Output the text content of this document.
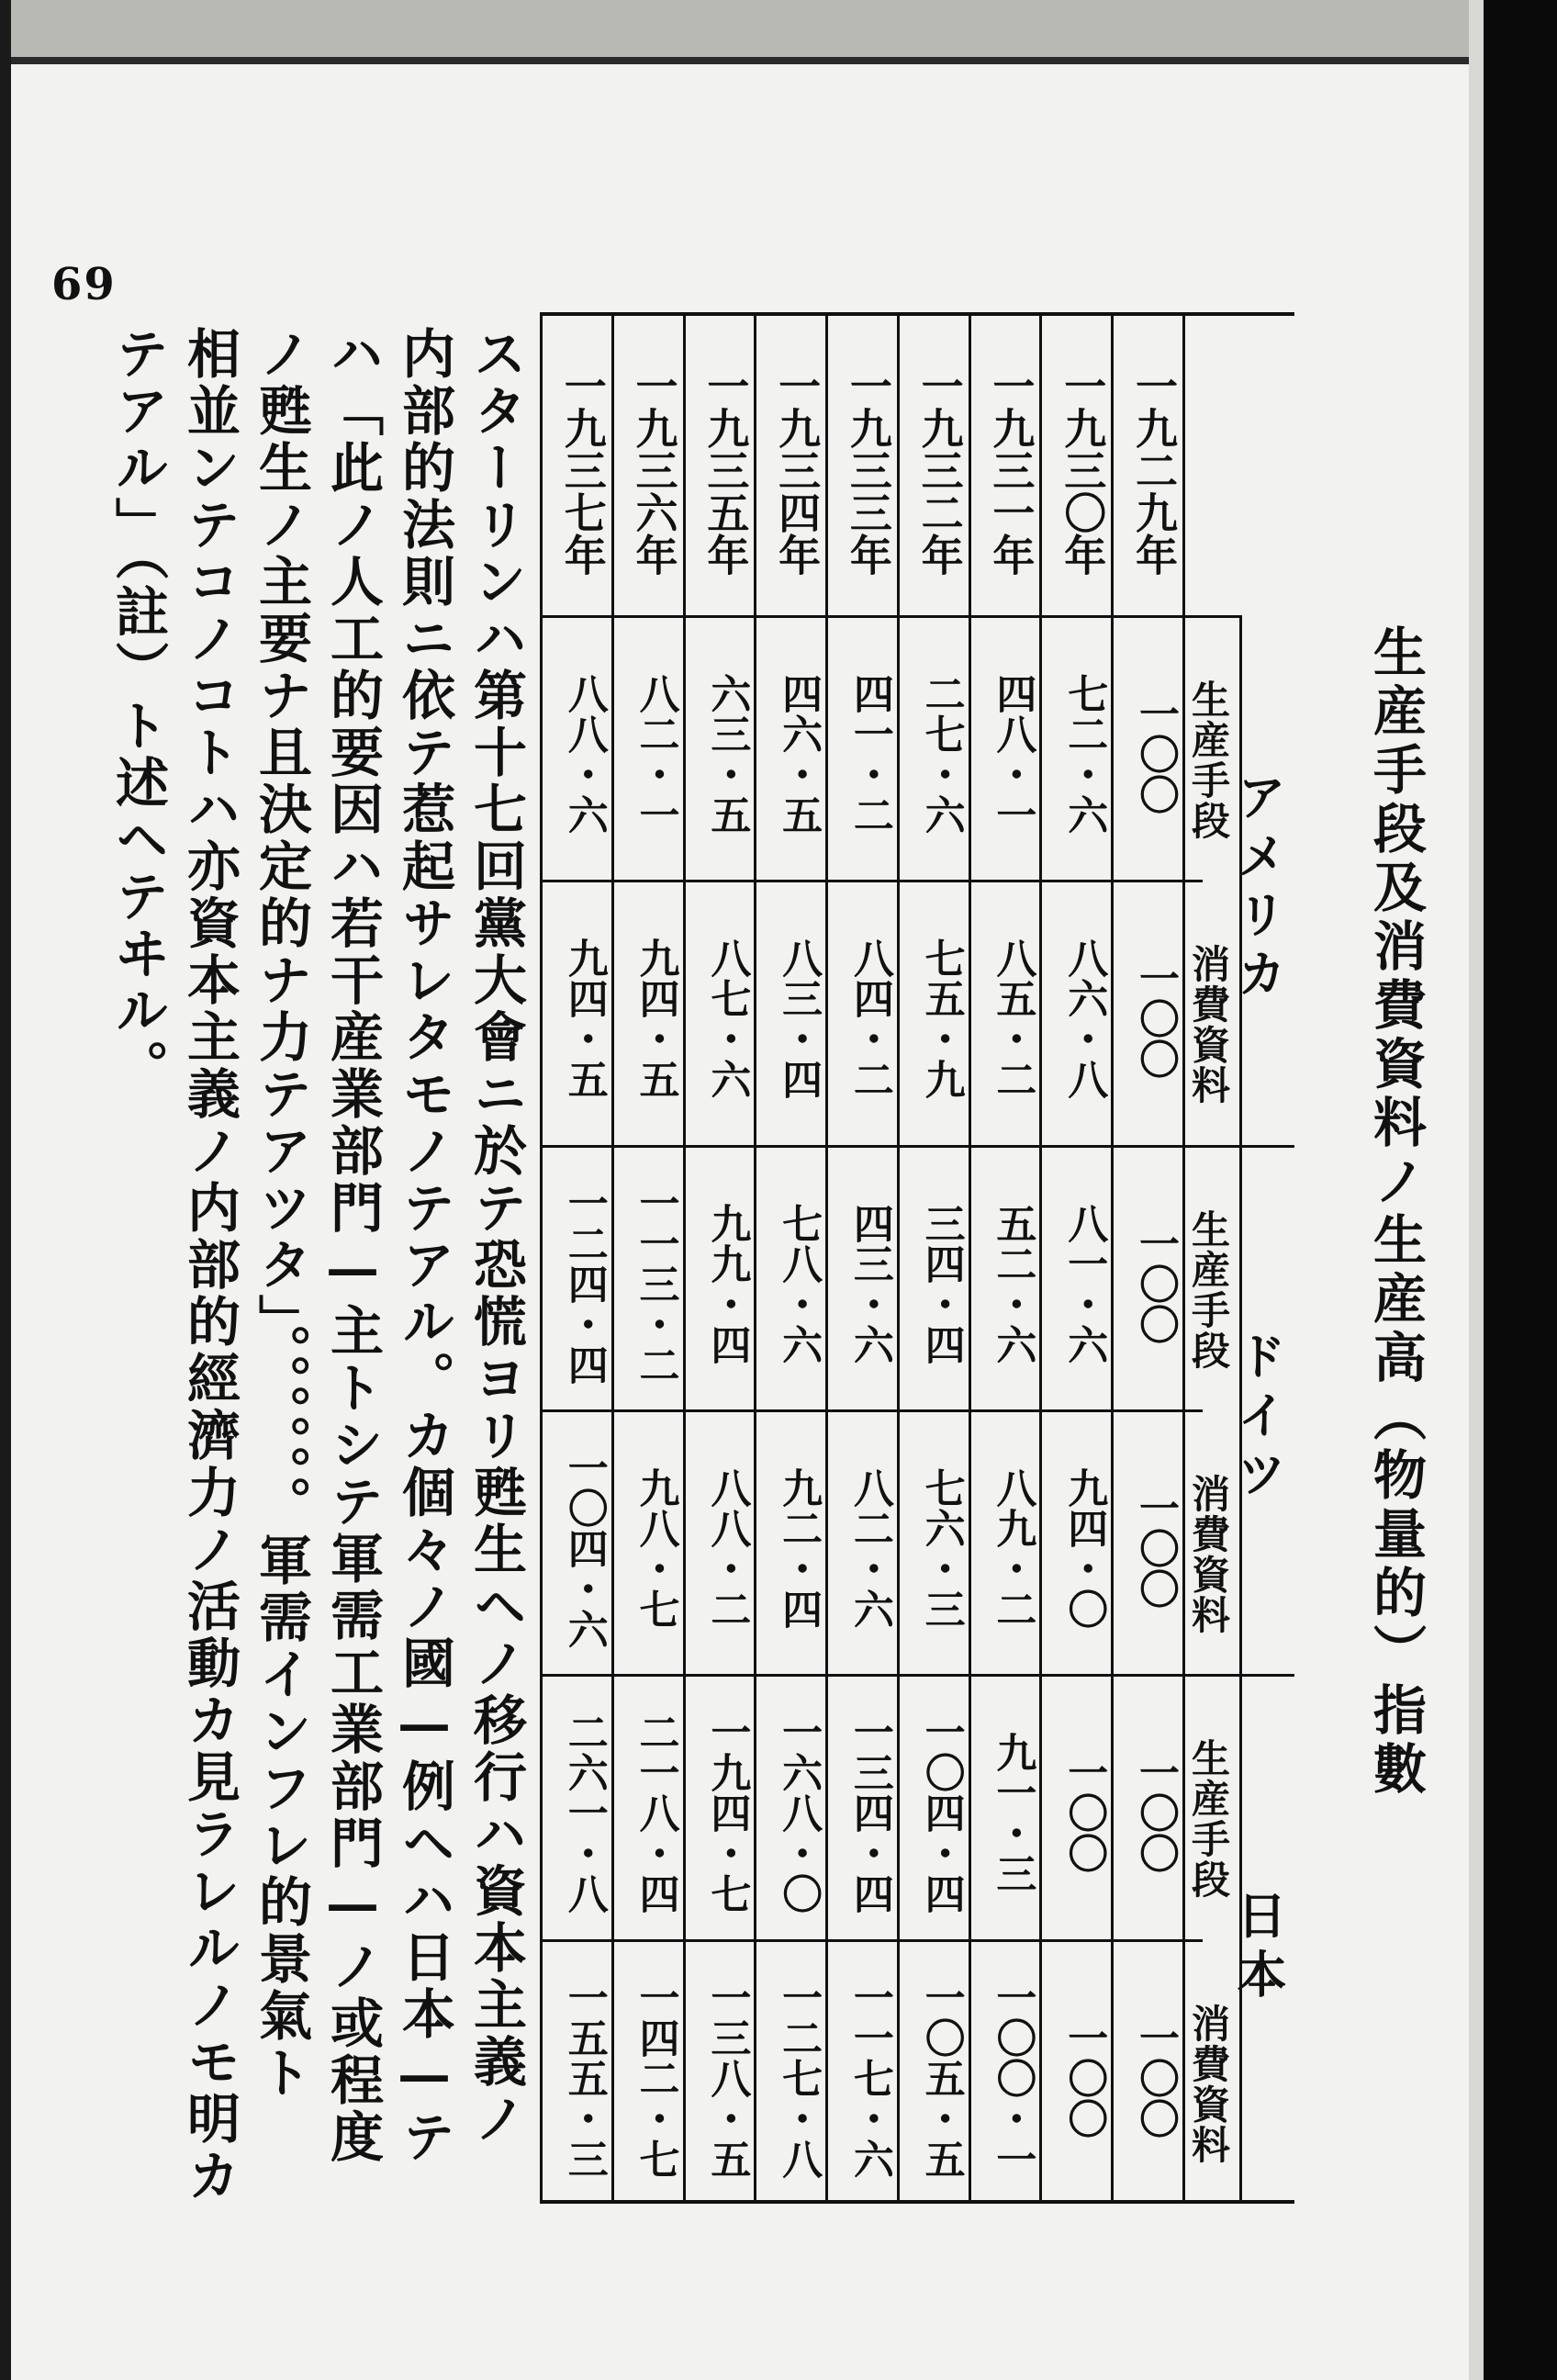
69
生産手段及消費資料ノ生産高（物量的）指數
アメリカ
生産手段
消費資料
ドイツ
生産手段
消費資料
日本
生産手段
消費資料
一九二九年
一〇〇
一〇〇
一〇〇
一〇〇
一〇〇
一〇〇
一九三〇年
七二・六
八六・八
八一・六
九四・〇
一〇〇
一〇〇
一九三一年
四八・一
八五・二
五二・六
八九・二
九一・三
一〇〇・一
一九三二年
二七・六
七五・九
三四・四
七六・三
一〇四・四
一〇五・五
一九三三年
四一・二
八四・二
四三・六
八二・六
一三四・四
一一七・六
一九三四年
四六・五
八三・四
七八・六
九二・四
一六八・〇
一二七・八
一九三五年
六三・五
八七・六
九九・四
八八・二
一九四・七
一三八・五
一九三六年
八二・一
九四・五
一一三・二
九八・七
二一八・四
一四二・七
一九三七年
八八・六
九四・五
一二四・四
一〇四・六
二六一・八
一五五・三
スターリンハ第十七回黨大會ニ於テ恐慌ヨリ甦生ヘノ移行ハ資本主義ノ
内部的法則ニ依テ惹起サレタモノテアル。カ個々ノ國—例ヘハ日本—テ
ハ「此ノ人工的要因ハ若干産業部門—主トシテ軍需工業部門—ノ或程度
ノ甦生ノ主要ナ且決定的ナ力テアツタ」。。。。。。軍需インフレ的景氣ト
相並ンテコノコトハ亦資本主義ノ内部的經濟力ノ活動カ見ラレルノモ明カ
テアル」（註）ト述ヘテヰル。
